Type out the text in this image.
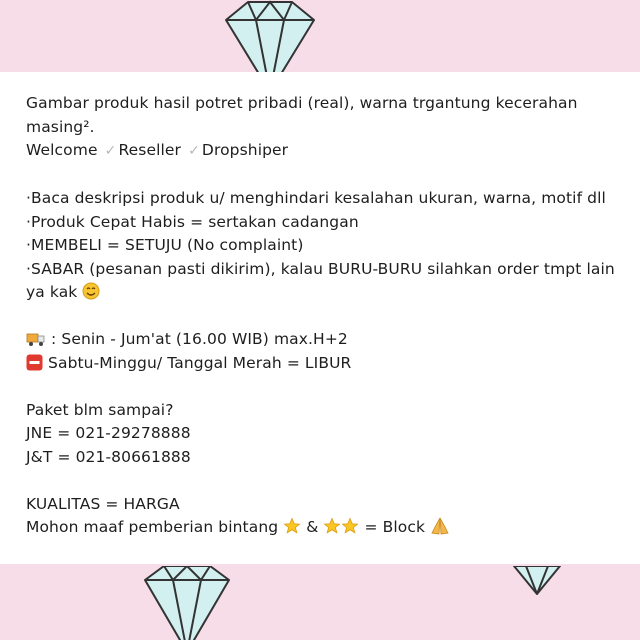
Gambar produk hasil potret pribadi (real), warna trgantung kecerahan masing².
Welcome ✓ Reseller ✓ Dropshiper
·Baca deskripsi produk u/ menghindari kesalahan ukuran, warna, motif dll
·Produk Cepat Habis = sertakan cadangan
·MEMBELI = SETUJU (No complaint)
·SABAR (pesanan pasti dikirim), kalau BURU-BURU silahkan order tmpt lain ya kak
: Senin - Jum'at (16.00 WIB) max.H+2
Sabtu-Minggu/ Tanggal Merah = LIBUR
Paket blm sampai?
JNE = 021-29278888
J&T = 021-80661888
KUALITAS = HARGA
Mohon maaf pemberian bintang  &	= Block
